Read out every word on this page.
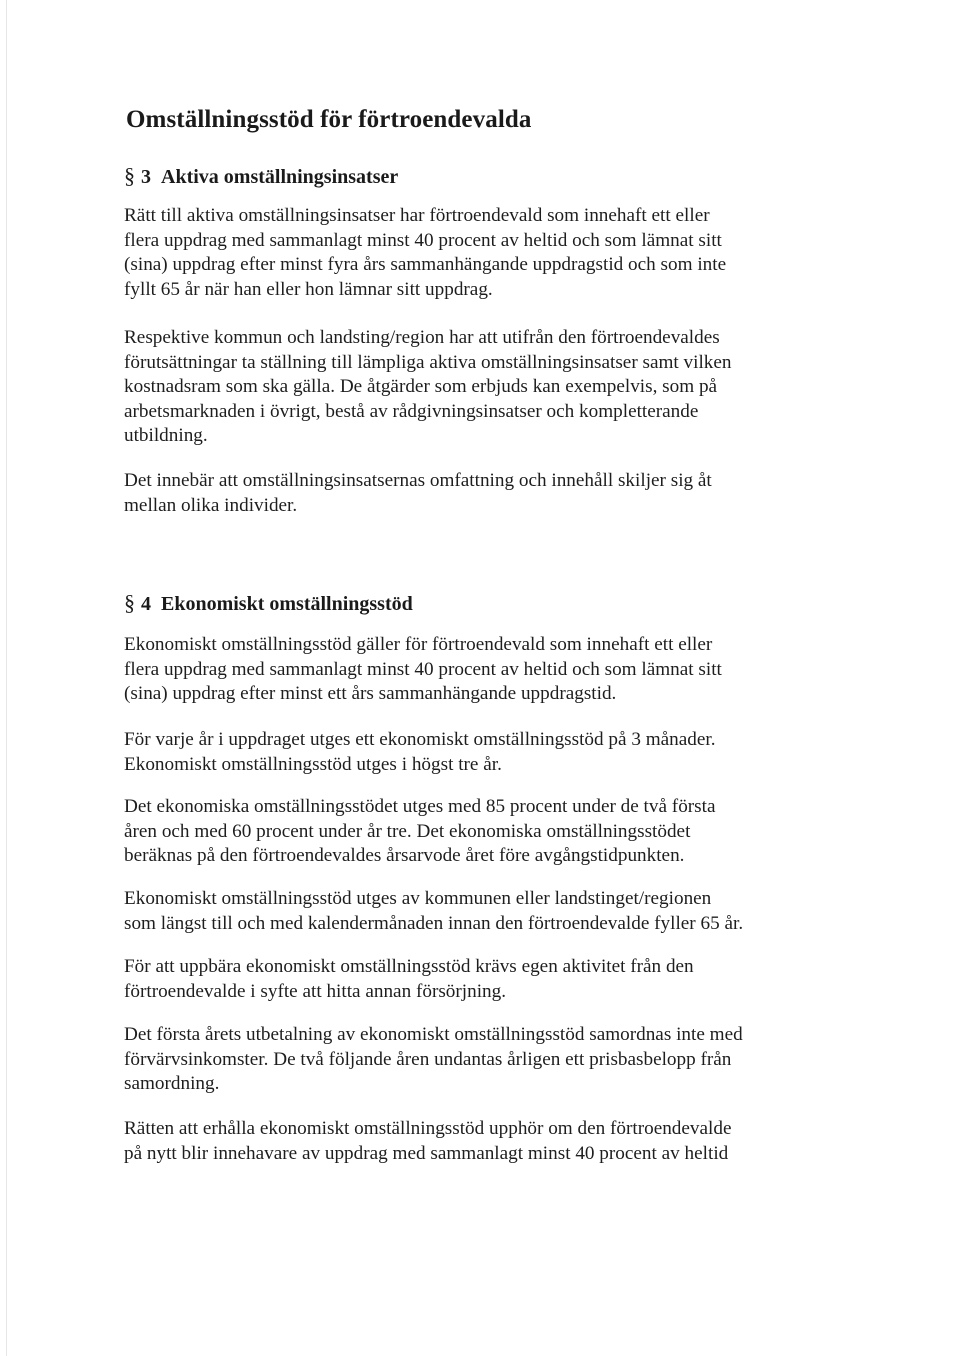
Omställningsstöd för förtroendevalda
§ 3 Aktiva omställningsinsatser

Rätt till aktiva omställningsinsatser har förtroendevald som innehaft ett eller
flera uppdrag med sammanlagt minst 40 procent av heltid och som lämnat sitt
(sina) uppdrag efter minst fyra års sammanhängande uppdragstid och som inte
fyllt 65 år när han eller hon lämnar sitt uppdrag.

Respektive kommun och landsting/region har att utifrån den förtroendevaldes
förutsättningar ta ställning till lämpliga aktiva omställningsinsatser samt vilken
kostnadsram som ska gälla. De åtgärder som erbjuds kan exempelvis, som på
arbetsmarknaden i övrigt, bestå av rådgivningsinsatser och kompletterande
utbildning.

Det innebär att omställningsinsatsernas omfattning och innehåll skiljer sig åt
mellan olika individer.

§ 4 Ekonomiskt omställningsstöd

Ekonomiskt omställningsstöd gäller för förtroendevald som innehaft ett eller
flera uppdrag med sammanlagt minst 40 procent av heltid och som lämnat sitt
(sina) uppdrag efter minst ett års sammanhängande uppdragstid.

För varje år i uppdraget utges ett ekonomiskt omställningsstöd på 3 månader.
Ekonomiskt omställningsstöd utges i högst tre år.

Det ekonomiska omställningsstödet utges med 85 procent under de två första
åren och med 60 procent under år tre. Det ekonomiska omställningsstödet
beräknas på den förtroendevaldes årsarvode året före avgångstidpunkten.

Ekonomiskt omställningsstöd utges av kommunen eller landstinget/regionen
som längst till och med kalendermånaden innan den förtroendevalde fyller 65 år.

För att uppbära ekonomiskt omställningsstöd krävs egen aktivitet från den
förtroendevalde i syfte att hitta annan försörjning.

Det första årets utbetalning av ekonomiskt omställningsstöd samordnas inte med
förvärvsinkomster. De två följande åren undantas årligen ett prisbasbelopp från
samordning.

Rätten att erhålla ekonomiskt omställningsstöd upphör om den förtroendevalde
på nytt blir innehavare av uppdrag med sammanlagt minst 40 procent av heltid
